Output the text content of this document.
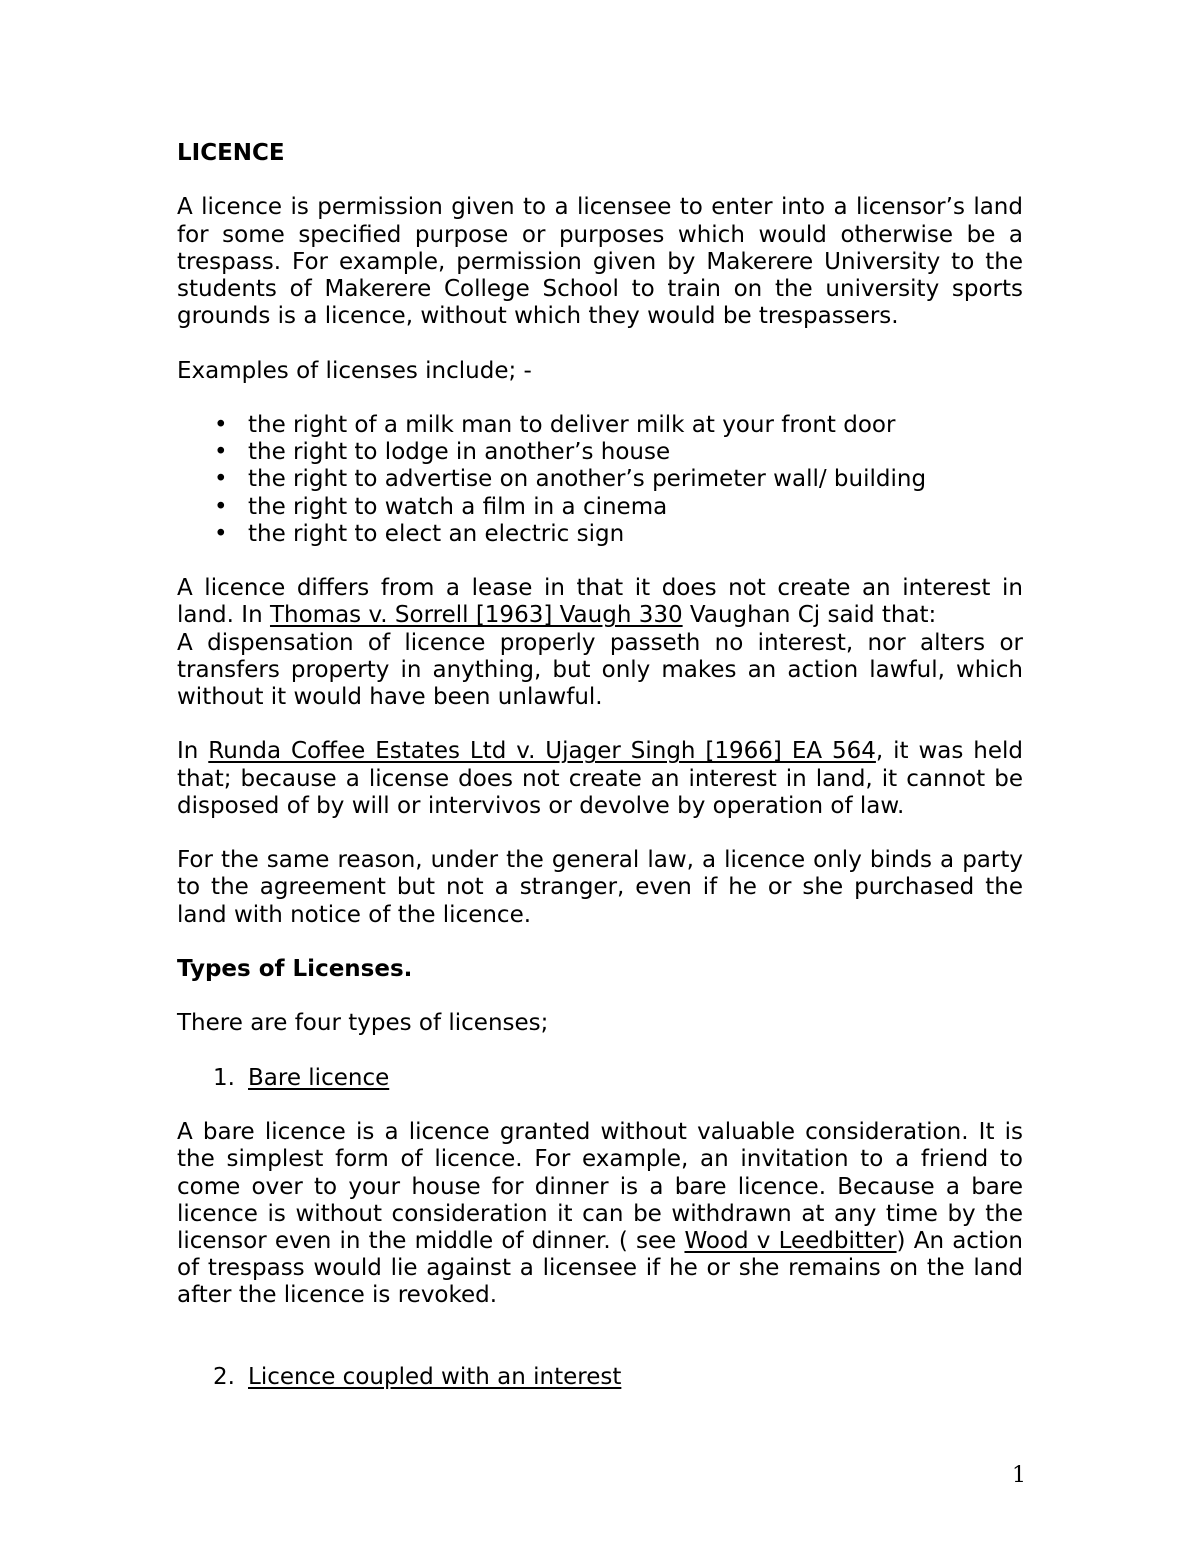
LICENCE

A licence is permission given to a licensee to enter into a licensor’s land for some specified purpose or purposes which would otherwise be a trespass. For example, permission given by Makerere University to the students of Makerere College School to train on the university sports grounds is a licence, without which they would be trespassers.

Examples of licenses include; -

• the right of a milk man to deliver milk at your front door
• the right to lodge in another’s house
• the right to advertise on another’s perimeter wall/ building
• the right to watch a film in a cinema
• the right to elect an electric sign

A licence differs from a lease in that it does not create an interest in land. In Thomas v. Sorrell [1963] Vaugh 330 Vaughan Cj said that:

A dispensation of licence properly passeth no interest, nor alters or transfers property in anything, but only makes an action lawful, which without it would have been unlawful.

In Runda Coffee Estates Ltd v. Ujager Singh [1966] EA 564, it was held that; because a license does not create an interest in land, it cannot be disposed of by will or intervivos or devolve by operation of law.

For the same reason, under the general law, a licence only binds a party to the agreement but not a stranger, even if he or she purchased the land with notice of the licence.

Types of Licenses.

There are four types of licenses;

1. Bare licence

A bare licence is a licence granted without valuable consideration. It is the simplest form of licence. For example, an invitation to a friend to come over to your house for dinner is a bare licence. Because a bare licence is without consideration it can be withdrawn at any time by the licensor even in the middle of dinner. ( see Wood v Leedbitter) An action of trespass would lie against a licensee if he or she remains on the land after the licence is revoked.

2. Licence coupled with an interest

1
